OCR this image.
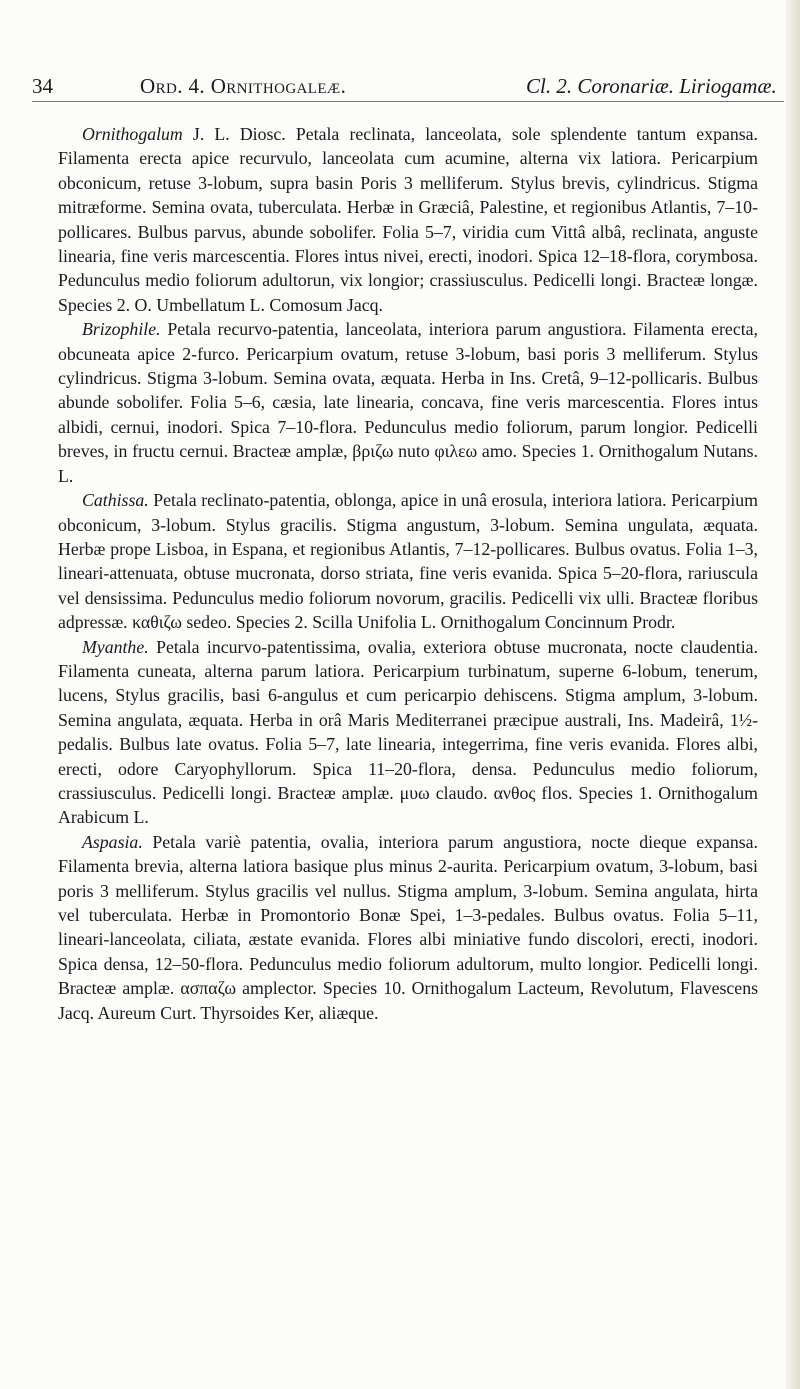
34	Ord. 4. Ornithogaleæ.	Cl. 2. Coronariæ. Liriogamæ.

Ornithogalum J. L. Diosc. Petala reclinata, lanceolata, sole splendente tantum expansa. Filamenta erecta apice recurvulo, lanceolata cum acumine, alterna vix latiora. Pericarpium obconicum, retuse 3-lobum, supra basin Poris 3 melliferum. Stylus brevis, cylindricus. Stigma mitræforme. Semina ovata, tuberculata. Herbæ in Græciâ, Palestine, et regionibus Atlantis, 7–10-pollicares. Bulbus parvus, abunde sobolifer. Folia 5–7, viridia cum Vittâ albâ, reclinata, anguste linearia, fine veris marcescentia. Flores intus nivei, erecti, inodori. Spica 12–18-flora, corymbosa. Pedunculus medio foliorum adultorun, vix longior; crassiusculus. Pedicelli longi. Bracteæ longæ. Species 2. O. Umbellatum L. Comosum Jacq.

Brizophile. Petala recurvo-patentia, lanceolata, interiora parum angustiora. Filamenta erecta, obcuneata apice 2-furco. Pericarpium ovatum, retuse 3-lobum, basi poris 3 melliferum. Stylus cylindricus. Stigma 3-lobum. Semina ovata, æquata. Herba in Ins. Cretâ, 9–12-pollicaris. Bulbus abunde sobolifer. Folia 5–6, cæsia, late linearia, concava, fine veris marcescentia. Flores intus albidi, cernui, inodori. Spica 7–10-flora. Pedunculus medio foliorum, parum longior. Pedicelli breves, in fructu cernui. Bracteæ amplæ, βριζω nuto φιλεω amo. Species 1. Ornithogalum Nutans. L.

Cathissa. Petala reclinato-patentia, oblonga, apice in unâ erosula, interiora latiora. Pericarpium obconicum, 3-lobum. Stylus gracilis. Stigma angustum, 3-lobum. Semina ungulata, æquata. Herbæ prope Lisboa, in Espana, et regionibus Atlantis, 7–12-pollicares. Bulbus ovatus. Folia 1–3, lineari-attenuata, obtuse mucronata, dorso striata, fine veris evanida. Spica 5–20-flora, rariuscula vel densissima. Pedunculus medio foliorum novorum, gracilis. Pedicelli vix ulli. Bracteæ floribus adpressæ. καθιζω sedeo. Species 2. Scilla Unifolia L. Ornithogalum Concinnum Prodr.

Myanthe. Petala incurvo-patentissima, ovalia, exteriora obtuse mucronata, nocte claudentia. Filamenta cuneata, alterna parum latiora. Pericarpium turbinatum, superne 6-lobum, tenerum, lucens, Stylus gracilis, basi 6-angulus et cum pericarpio dehiscens. Stigma amplum, 3-lobum. Semina angulata, æquata. Herba in orâ Maris Mediterranei præcipue australi, Ins. Madeirâ, 1½-pedalis. Bulbus late ovatus. Folia 5–7, late linearia, integerrima, fine veris evanida. Flores albi, erecti, odore Caryophyllorum. Spica 11–20-flora, densa. Pedunculus medio foliorum, crassiusculus. Pedicelli longi. Bracteæ amplæ. μυω claudo. ανθος flos. Species 1. Ornithogalum Arabicum L.

Aspasia. Petala variè patentia, ovalia, interiora parum angustiora, nocte dieque expansa. Filamenta brevia, alterna latiora basique plus minus 2-aurita. Pericarpium ovatum, 3-lobum, basi poris 3 melliferum. Stylus gracilis vel nullus. Stigma amplum, 3-lobum. Semina angulata, hirta vel tuberculata. Herbæ in Promontorio Bonæ Spei, 1–3-pedales. Bulbus ovatus. Folia 5–11, lineari-lanceolata, ciliata, æstate evanida. Flores albi miniative fundo discolori, erecti, inodori. Spica densa, 12–50-flora. Pedunculus medio foliorum adultorum, multo longior. Pedicelli longi. Bracteæ amplæ. ασπαζω amplector. Species 10. Ornithogalum Lacteum, Revolutum, Flavescens Jacq. Aureum Curt. Thyrsoides Ker, aliæque.
